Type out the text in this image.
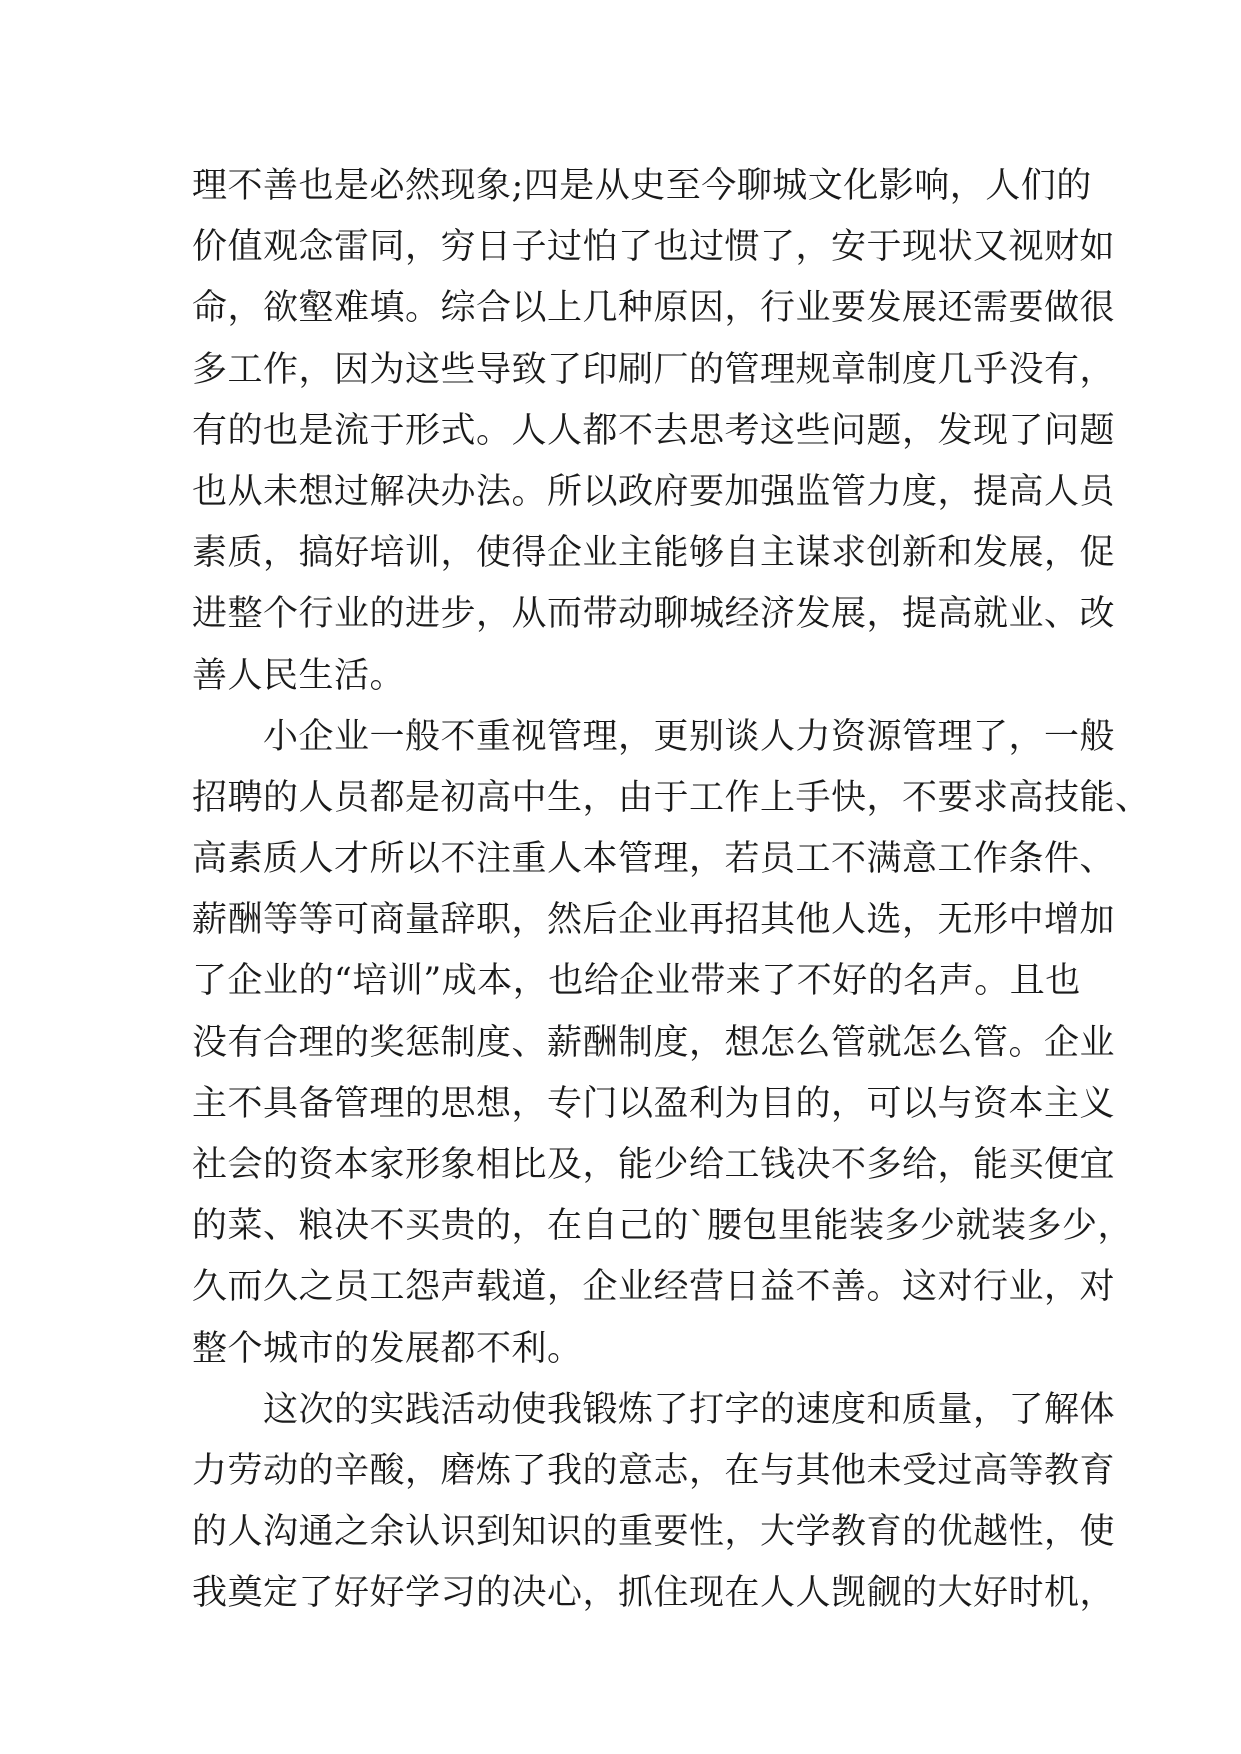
理不善也是必然现象;四是从史至今聊城文化影响，人们的
价值观念雷同，穷日子过怕了也过惯了，安于现状又视财如
命，欲壑难填。综合以上几种原因，行业要发展还需要做很
多工作，因为这些导致了印刷厂的管理规章制度几乎没有，
有的也是流于形式。人人都不去思考这些问题，发现了问题
也从未想过解决办法。所以政府要加强监管力度，提高人员
素质，搞好培训，使得企业主能够自主谋求创新和发展，促
进整个行业的进步，从而带动聊城经济发展，提高就业、改
善人民生活。
　　小企业一般不重视管理，更别谈人力资源管理了，一般
招聘的人员都是初高中生，由于工作上手快，不要求高技能、
高素质人才所以不注重人本管理，若员工不满意工作条件、
薪酬等等可商量辞职，然后企业再招其他人选，无形中增加
了企业的“培训”成本，也给企业带来了不好的名声。且也
没有合理的奖惩制度、薪酬制度，想怎么管就怎么管。企业
主不具备管理的思想，专门以盈利为目的，可以与资本主义
社会的资本家形象相比及，能少给工钱决不多给，能买便宜
的菜、粮决不买贵的，在自己的`腰包里能装多少就装多少，
久而久之员工怨声载道，企业经营日益不善。这对行业，对
整个城市的发展都不利。
　　这次的实践活动使我锻炼了打字的速度和质量，了解体
力劳动的辛酸，磨炼了我的意志，在与其他未受过高等教育
的人沟通之余认识到知识的重要性，大学教育的优越性，使
我奠定了好好学习的决心，抓住现在人人觊觎的大好时机，
